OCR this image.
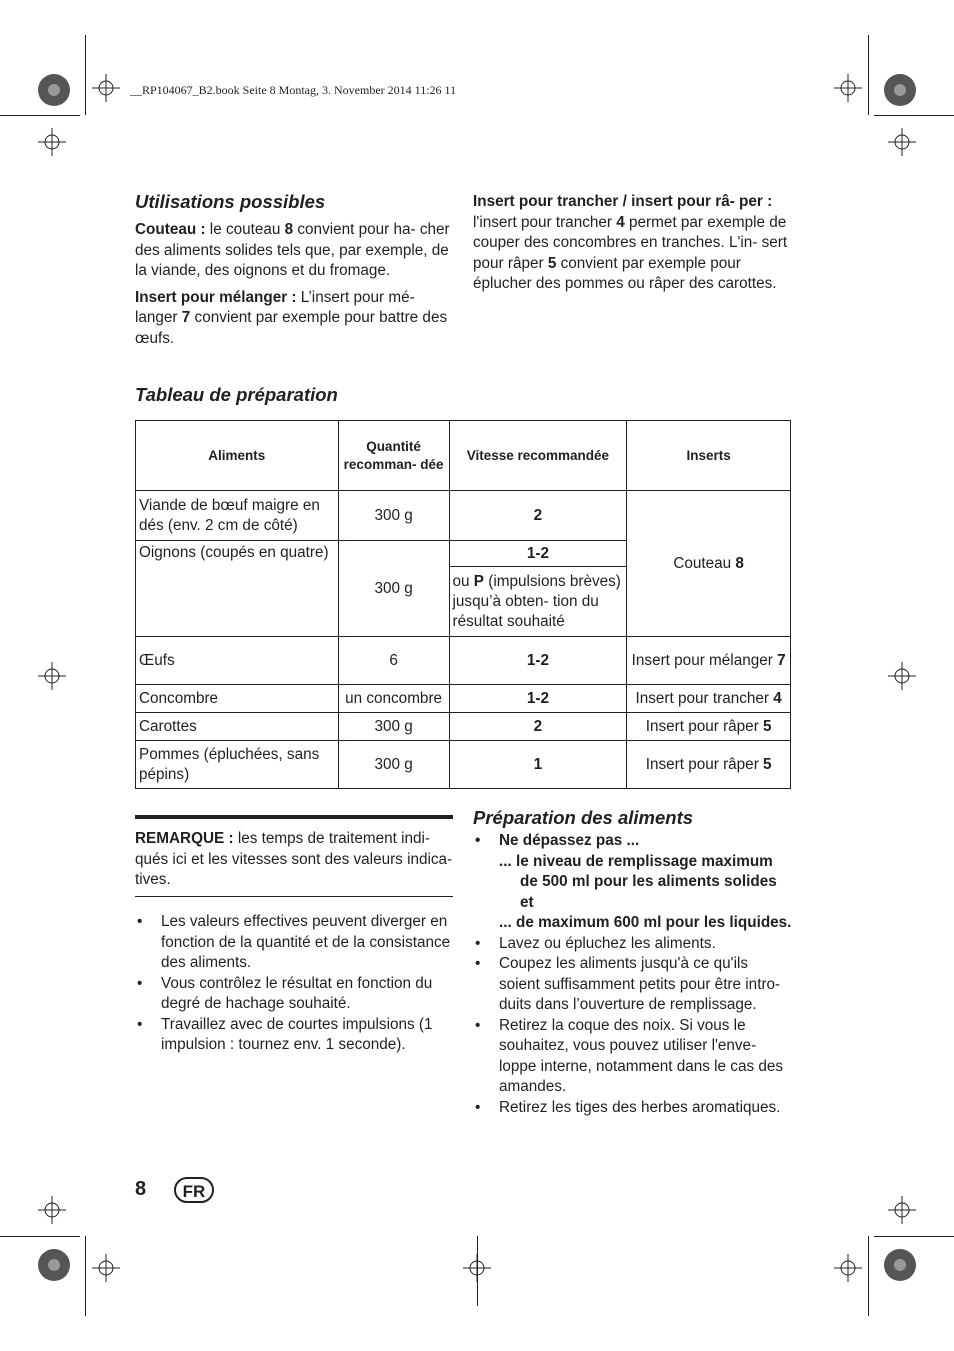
__RP104067_B2.book Seite 8 Montag, 3. November 2014 11:26 11
Utilisations possibles

Couteau : le couteau 8 convient pour ha- cher des aliments solides tels que, par exemple, de la viande, des oignons et du fromage.

Insert pour mélanger : L’insert pour mé- langer 7 convient par exemple pour battre des œufs.

Insert pour trancher / insert pour râ- per :

l'insert pour trancher 4 permet par exemple de couper des concombres en tranches. L'in- sert pour râper 5 convient par exemple pour éplucher des pommes ou râper des carottes.

Tableau de préparation
Aliments	Quantité recomman- dée	Vitesse recommandée	Inserts
Viande de bœuf maigre en dés (env. 2 cm de côté)	300 g	2	Couteau 8
Oignons (coupés en quatre)	300 g	1-2	
		ou P (impulsions brèves) jusqu’à obten- tion du résultat souhaité	
Œufs	6	1-2	Insert pour mélanger 7
Concombre	un concombre	1-2	Insert pour trancher 4
Carottes	300 g	2	Insert pour râper 5
Pommes (épluchées, sans pépins)	300 g	1	Insert pour râper 5

REMARQUE : les temps de traitement indi- qués ici et les vitesses sont des valeurs indica- tives.

• Les valeurs effectives peuvent diverger en fonction de la quantité et de la consistance des aliments.
• Vous contrôlez le résultat en fonction du degré de hachage souhaité.
• Travaillez avec de courtes impulsions (1 impulsion : tournez env. 1 seconde).
Préparation des aliments
• Ne dépassez pas ...
... le niveau de remplissage maximum de 500 ml pour les aliments solides et
... de maximum 600 ml pour les liquides.
• Lavez ou épluchez les aliments.
• Coupez les aliments jusqu'à ce qu'ils soient suffisamment petits pour être intro- duits dans l’ouverture de remplissage.
• Retirez la coque des noix. Si vous le souhaitez, vous pouvez utiliser l'enve- loppe interne, notamment dans le cas des amandes.
• Retirez les tiges des herbes aromatiques.
8	FR
